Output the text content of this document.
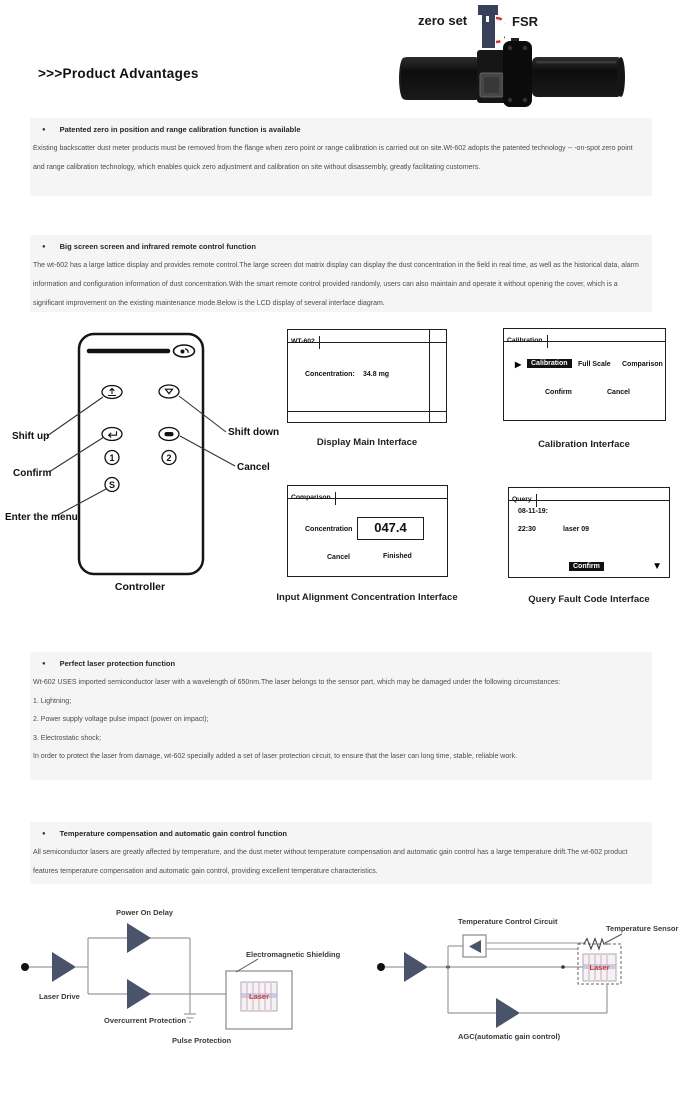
zero set	FSR
>>>Product Advantages
● Patented zero in position and range calibration function is available
Existing backscatter dust meter products must be removed from the flange when zero point or range calibration is carried out on site.Wt-602 adopts the patented technology -- -on-spot zero point and range calibration technology, which enables quick zero adjustment and calibration on site without disassembly, greatly facilitating customers.
● Big screen screen and infrared remote control function
The wt-602 has a large lattice display and provides remote control.The large screen dot matrix display can display the dust concentration in the field in real time, as well as the historical data, alarm information and configuration information of dust concentration.With the smart remote control provided randomly, users can also maintain and operate it without opening the cover, which is a significant improvement on the existing maintenance mode.Below is the LCD display of several interface diagram.
1	2
S
Shift up
Confirm
Enter the menu
Shift down
Cancel
Controller
WT-602
Concentration: 34.8 mg
Display Main Interface
Calibration
▶	Calibration	Full Scale Comparison
Confirm	Cancel
Calibration Interface
Comparison
Concentration	047.4
Cancel	Finished
Input Alignment Concentration Interface
Query
08-11-19:
22:30	laser 09
Confirm	▼
Query Fault Code Interface
● Perfect laser protection function
Wt-602 USES imported semiconductor laser with a wavelength of 650nm.The laser belongs to the sensor part, which may be damaged under the following circumstances:
1. Lightning;
2. Power supply voltage pulse impact (power on impact);
3. Electrostatic shock;
In order to protect the laser from damage, wt-602 specially added a set of laser protection circuit, to ensure that the laser can long time, stable, reliable work.
● Temperature compensation and automatic gain control function
All semiconductor lasers are greatly affected by temperature, and the dust meter without temperature compensation and automatic gain control has a large temperature drift.The wt-602 product features temperature compensation and automatic gain control, providing excellent temperature characteristics.
Laser
Power On Delay
Laser Drive
Overcurrent Protection
Pulse Protection
Electromagnetic Shielding
Laser
Temperature Control Circuit
Temperature Sensor
AGC(automatic gain control)
